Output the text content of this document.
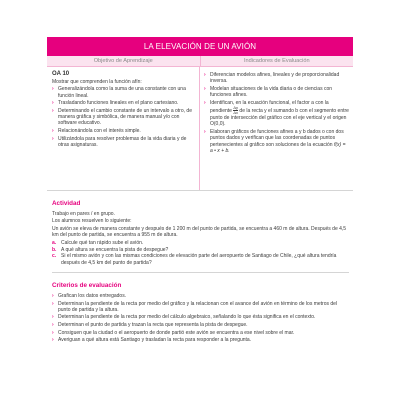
LA ELEVACIÓN DE UN AVIÓN
Objetivo de Aprendizaje	Indicadores de Evaluación

OA 10

Mostrar que comprenden la función afín:

› Generalizándola como la suma de una constante con una función lineal.
› Trasladando funciones lineales en el plano cartesiano.
› Determinando el cambio constante de un intervalo a otro, de manera gráfica y simbólica, de manera manual y/o con software educativo.
› Relacionándola con el interés simple.
› Utilizándola para resolver problemas de la vida diaria y de otras asignaturas.
› Diferencian modelos afines, lineales y de proporcionalidad inversa.
› Modelan situaciones de la vida diaria o de ciencias con funciones afines.
› Identifican, en la ecuación funcional, el factor a con la pendiente $\frac{\Delta y}{\Delta x}$ de la recta y el sumando b con el segmento entre punto de intersección del gráfico con el eje vertical y el origen O(0,0).
› Elaboran gráficos de funciones afines a y b dados o con dos puntos dados y verifican que las coordenadas de puntos pertenecientes al gráfico son soluciones de la ecuación f(x) = a • x + b.
Actividad

Trabajo en pares / en grupo.

Los alumnos resuelven lo siguiente:

Un avión se eleva de manera constante y después de 1 200 m del punto de partida, se encuentra a 460 m de altura. Después de 4,5 km del punto de partida, se encuentra a 955 m de altura.

a. Calcule qué tan rápido sube el avión.
b. A qué altura se encuentra la pista de despegue?
c. Si el mismo avión y con las mismas condiciones de elevación parte del aeropuerto de Santiago de Chile, ¿qué altura tendría después de 4,5 km del punto de partida?
Criterios de evaluación
› Grafican los datos entregados.
› Determinan la pendiente de la recta por medio del gráfico y la relacionan con el avance del avión en término de los metros del punto de partida y la altura.
› Determinan la pendiente de la recta por medio del cálculo algebraico, señalando lo que ésta significa en el contexto.
› Determinan el punto de partida y trazan la recta que representa la pista de despegue.
› Consiguen que la ciudad o el aeropuerto de donde partió este avión se encuentra a ese nivel sobre el mar.
› Averiguan a qué altura está Santiago y trasladan la recta para responder a la pregunta.
